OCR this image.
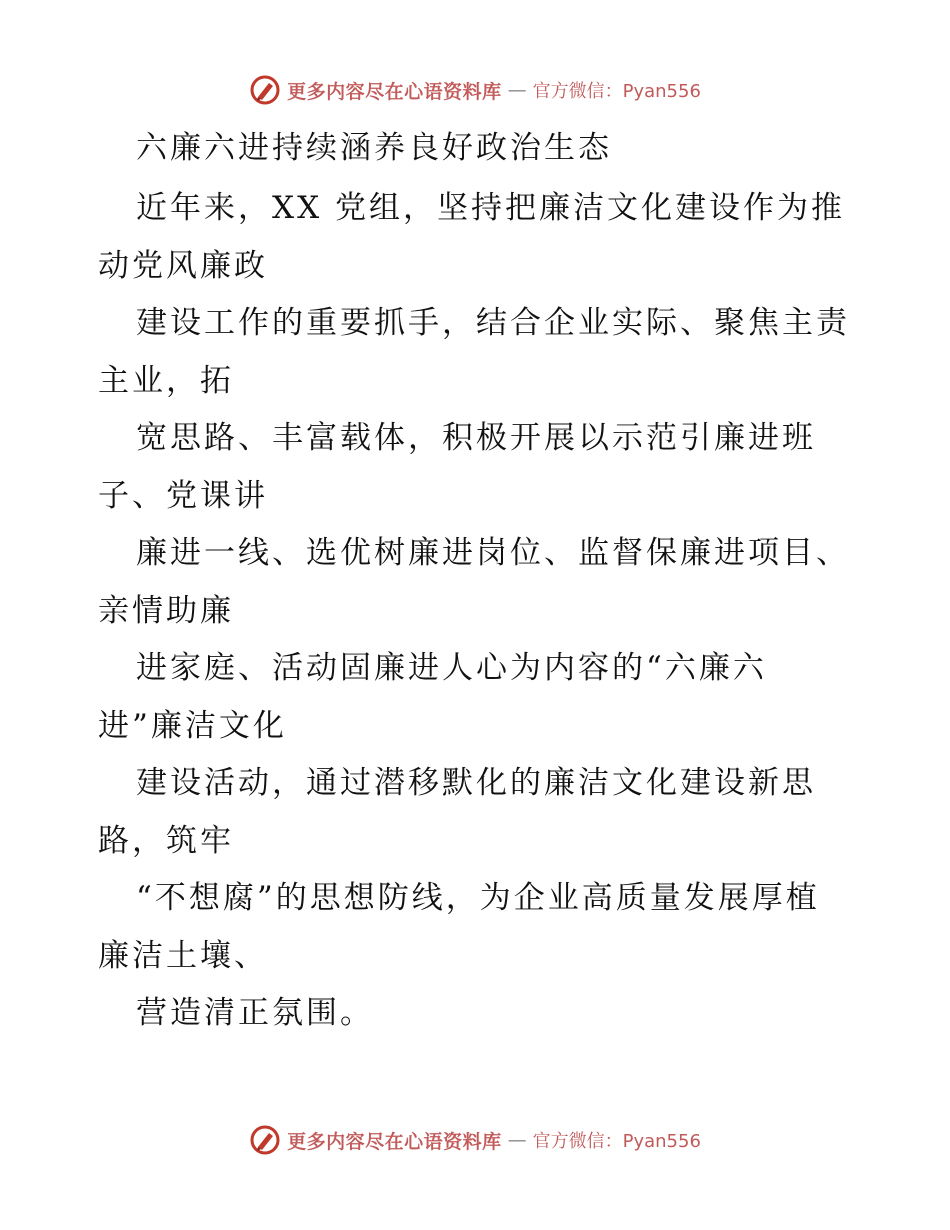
更多内容尽在心语资料库 — 官方微信：Pyan556
六廉六进持续涵养良好政治生态
近年来，XX 党组，坚持把廉洁文化建设作为推
动党风廉政
建设工作的重要抓手，结合企业实际、聚焦主责
主业，拓
宽思路、丰富载体，积极开展以示范引廉进班
子、党课讲
廉进一线、选优树廉进岗位、监督保廉进项目、
亲情助廉
进家庭、活动固廉进人心为内容的“六廉六
进”廉洁文化
建设活动，通过潜移默化的廉洁文化建设新思
路，筑牢
“不想腐”的思想防线，为企业高质量发展厚植
廉洁土壤、
营造清正氛围。
更多内容尽在心语资料库 — 官方微信：Pyan556
